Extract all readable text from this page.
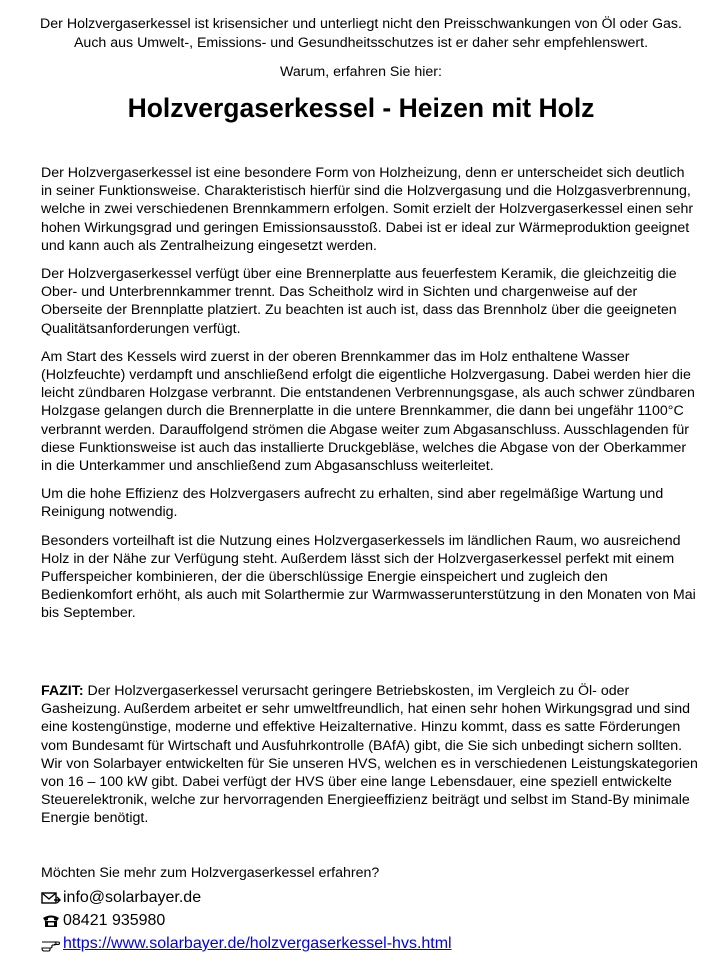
Der Holzvergaserkessel ist krisensicher und unterliegt nicht den Preisschwankungen von Öl oder Gas. Auch aus Umwelt-, Emissions- und Gesundheitsschutzes ist er daher sehr empfehlenswert.
Warum, erfahren Sie hier:
Holzvergaserkessel - Heizen mit Holz

Der Holzvergaserkessel ist eine besondere Form von Holzheizung, denn er unterscheidet sich deutlich in seiner Funktionsweise. Charakteristisch hierfür sind die Holzvergasung und die Holzgasverbrennung, welche in zwei verschiedenen Brennkammern erfolgen. Somit erzielt der Holzvergaserkessel einen sehr hohen Wirkungsgrad und geringen Emissionsausstoß. Dabei ist er ideal zur Wärmeproduktion geeignet und kann auch als Zentralheizung eingesetzt werden.

Der Holzvergaserkessel verfügt über eine Brennerplatte aus feuerfestem Keramik, die gleichzeitig die Ober- und Unterbrennkammer trennt. Das Scheitholz wird in Sichten und chargenweise auf der Oberseite der Brennplatte platziert. Zu beachten ist auch ist, dass das Brennholz über die geeigneten Qualitätsanforderungen verfügt.

Am Start des Kessels wird zuerst in der oberen Brennkammer das im Holz enthaltene Wasser (Holzfeuchte) verdampft und anschließend erfolgt die eigentliche Holzvergasung. Dabei werden hier die leicht zündbaren Holzgase verbrannt. Die entstandenen Verbrennungsgase, als auch schwer zündbaren Holzgase gelangen durch die Brennerplatte in die untere Brennkammer, die dann bei ungefähr 1100°C verbrannt werden. Darauffolgend strömen die Abgase weiter zum Abgasanschluss. Ausschlagenden für diese Funktionsweise ist auch das installierte Druckgebläse, welches die Abgase von der Oberkammer in die Unterkammer und anschließend zum Abgasanschluss weiterleitet.

Um die hohe Effizienz des Holzvergasers aufrecht zu erhalten, sind aber regelmäßige Wartung und Reinigung notwendig.

Besonders vorteilhaft ist die Nutzung eines Holzvergaserkessels im ländlichen Raum, wo ausreichend Holz in der Nähe zur Verfügung steht. Außerdem lässt sich der Holzvergaserkessel perfekt mit einem Pufferspeicher kombinieren, der die überschlüssige Energie einspeichert und zugleich den Bedienkomfort erhöht, als auch mit Solarthermie zur Warmwasserunterstützung in den Monaten von Mai bis September.

FAZIT: Der Holzvergaserkessel verursacht geringere Betriebskosten, im Vergleich zu Öl- oder Gasheizung. Außerdem arbeitet er sehr umweltfreundlich, hat einen sehr hohen Wirkungsgrad und sind eine kostengünstige, moderne und effektive Heizalternative. Hinzu kommt, dass es satte Förderungen vom Bundesamt für Wirtschaft und Ausfuhrkontrolle (BAfA) gibt, die Sie sich unbedingt sichern sollten. Wir von Solarbayer entwickelten für Sie unseren HVS, welchen es in verschiedenen Leistungskategorien von 16 – 100 kW gibt. Dabei verfügt der HVS über eine lange Lebensdauer, eine speziell entwickelte Steuerelektronik, welche zur hervorragenden Energieeffizienz beiträgt und selbst im Stand-By minimale Energie benötigt.

Möchten Sie mehr zum Holzvergaserkessel erfahren?

info@solarbayer.de
08421 935980
https://www.solarbayer.de/holzvergaserkessel-hvs.html
